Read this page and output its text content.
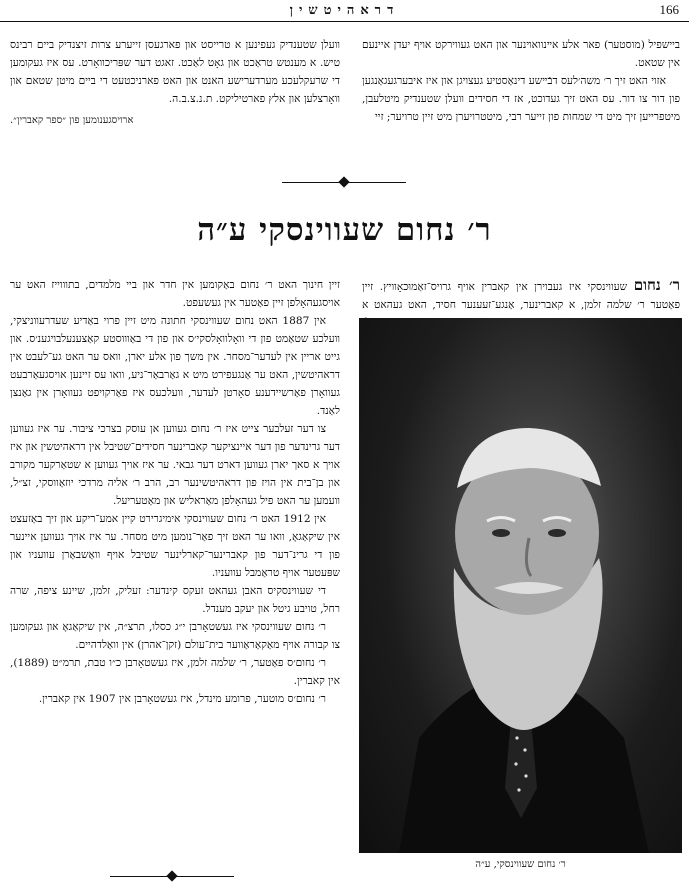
166
דראהיטשין

ביישפיל (מוסטער) פאר אלע אײנוואױנער און האט געווירקט אויף יעדן איינעם אין שטאט.

אזוי האט זיך ר׳ משה׳לעס דבֿײשע דינאַסטיע געצויגן און איז איבערגעגאַנגען פון דור צו דור. עס האט זיך געדוכט, אז די חסידים וועלן שטענדיק מיטלעבן, מיטפרייען זיך מיט די שמחות פון זייער רבי, מיטטרויערן מיט זיין טרויער; זיי

וועלן שטענדיק געפינען א טרייסט און פארגעסן זייערע צרות זיצנדיק ביים רבינס טיש. א מענטש טראַכט און גאָט לאַכט. זאגט דער שפּריכוואָרט. עס איז געקומען די שרעקלעכע מערדערישע האנט און האט פארניכטעט די ביים מיטן שטאם און וואָרצלען און אלץ פארטיליקט. ת.נ.צ.ב.ה.

ארויסגענומען פון ״ספר קאברין״.

ר׳ נחום שעווינסקי ע״ה

ר׳ נחום שעווינסקי איז געבוירן אין קאברין אויף גרויס־זאַמוּכאָוויץ. זיין פאַטער ר׳ שלמה זלמן, א קאברינער, אַנגע־זעענער חסיד, האט געהאט א

ר׳ נחום שעווינסקי, ע״ה

זיין חינוך האט ר׳ נחום באַקומען אין חדר און ביי מלמדים, בתוווייז האט ער אויסגעהאָלפן זיין פאַטער אין געשעפט.

אין 1887 האט נחום שעווינסקי חתונה מיט זיין פרוי באַדיע שעדרעווניצקי, וועלכע שטאַמט פון די וואָלוואָלסקי׳ס און פון די באַוווסטע קאַצענעלבויגענ׳ס. און גייט אריין אין לעדער־מסחר. אין משך פון אלע יארן, וואס ער האט גע־לעבט אין דראהיטשין, האט ער אַנגעפירט מיט א גאַרבאַר־ניע, וואו עס זיינען אויסגעאַרבעט געוואָרן פאַרשיידענע סאָרטן לעדער, וועלכעס איז פאַרקויפט געוואָרן אין גאַנצן לאַנד.

צו דער זעלבער צייט איז ר׳ נחום געווען אן עוסק בצרכי ציבור. ער איז געווען דער גרינדער פון דער איינציקער קאברינער חסידים־שטיבל אין דראהיטשין און איז אויך א סאך יארן געווען דארט דער גבאי. ער איז אויך געווען א שטאַרקער מקורב און בן־בית אין הויז פון דראהיטשינער רב, הרב ר׳ אליה מרדכי יוזאַווסקי, זצ״ל, וועמען ער האט פיל געהאָלפן מאַראליש און מאַטעריעל.

אין 1912 האט ר׳ נחום שעווינסקי אימיגרירט קיין אמע־ריקע און זיך באַזעצט אין שיקאַגאָ, וואו ער האט זיך פאַר־נומען מיט מסחר. ער איז אויך געווען איינער פון די גרינ־דער פון קאברינער־קארלינער שטיבל אויף וואַשבאַרן עוועניו און שפּעטער אויף טראַמבל עוועניו.

די שעווינסקיס האבן געהאט זעקס קינדער: זעליק, זלמן, שיינע ציפה, שרה רחל, טויבע גיטל און יעקב מענדל.

ר׳ נחום שעווינסקי איז געשטאָרבן י״ג כסלו, תרצ״ה, אין שיקאַגאָ און געקומען צו קבורה אויף מאַקאַראַווער בית־עולם (זקן־אהרן) אין וואַלדהיים.

ר׳ נחום׳ס פאַטער, ר׳ שלמה זלמן, איז געשטאָרבן כ״ו טבת, תרמ״ט (1889), אין קאברין.

ר׳ נחום׳ס מוטער, פרומע מינדל, איז געשטאָרבן אין 1907 אין קאברין.
